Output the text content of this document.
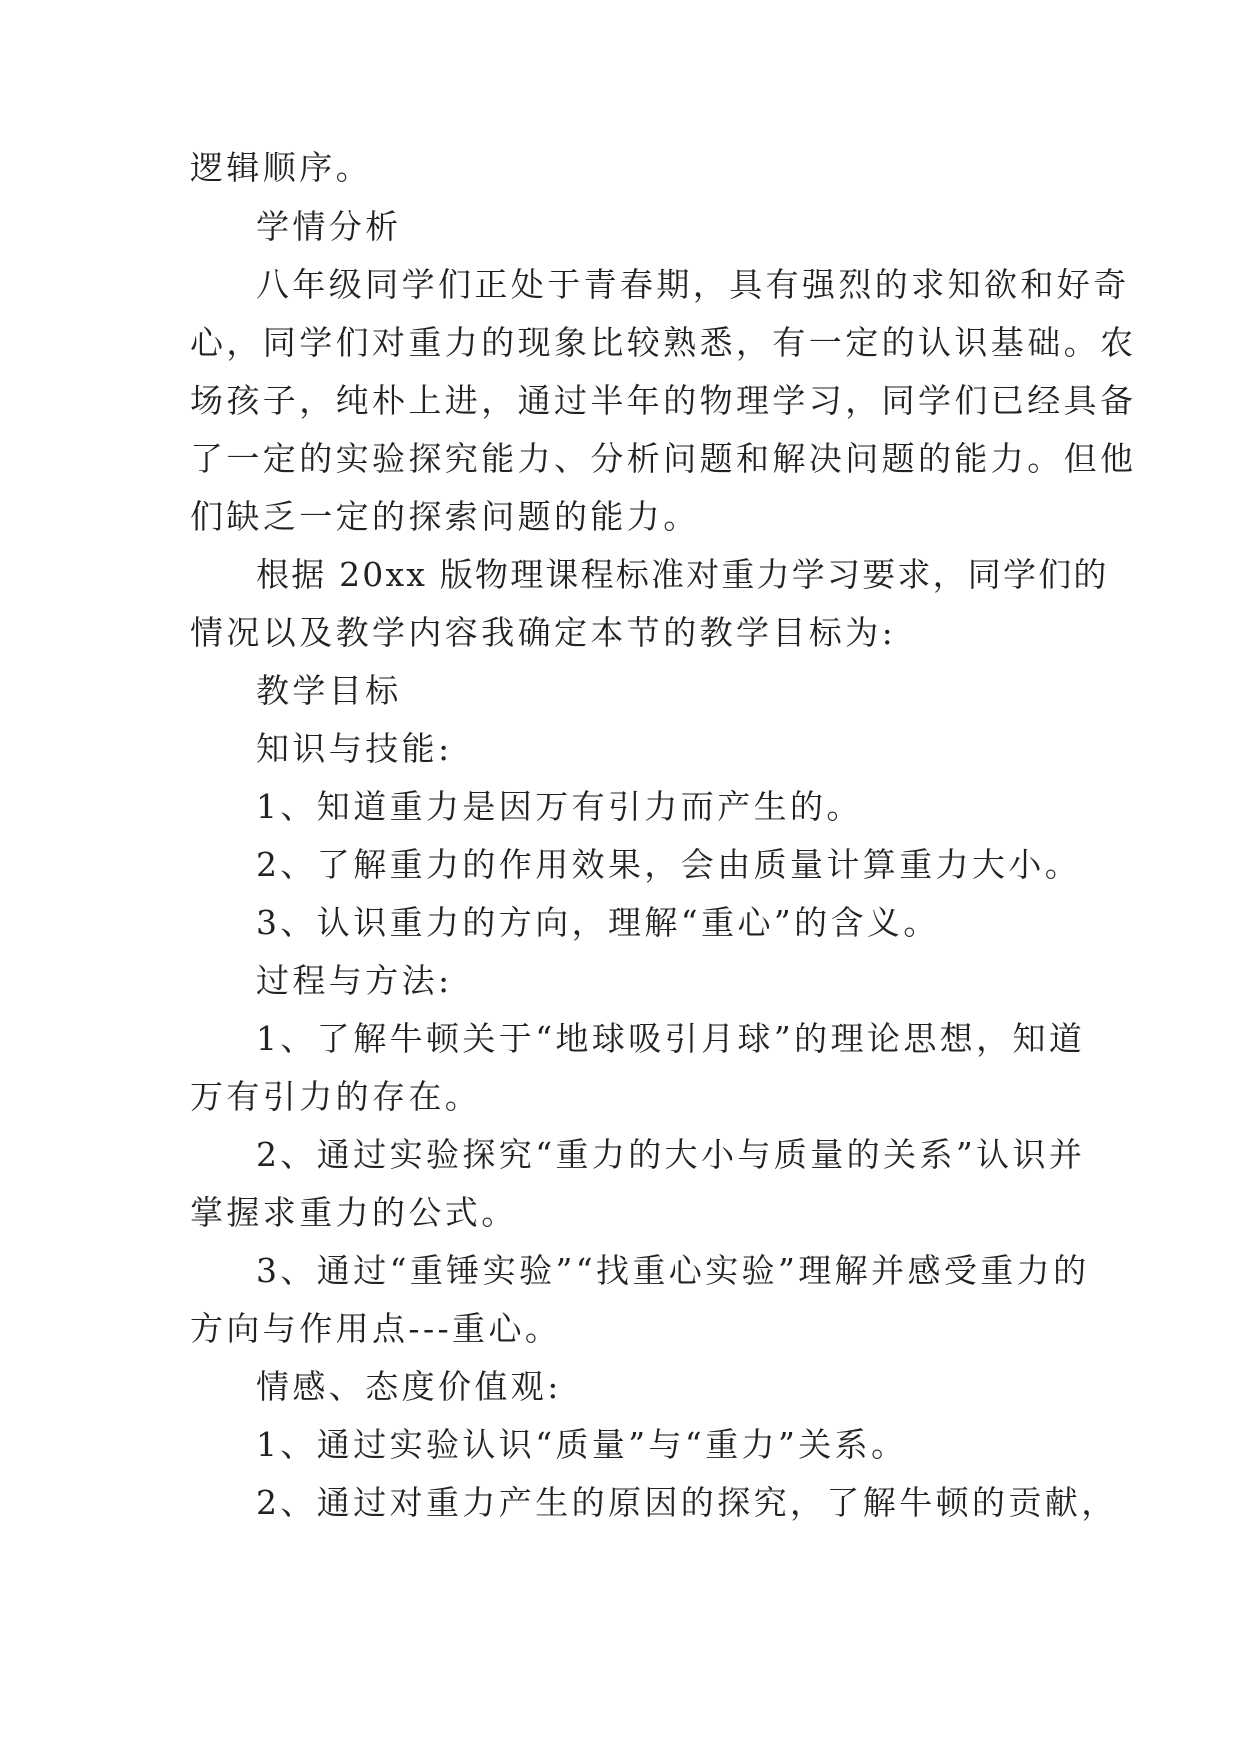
逻辑顺序。
学情分析
八年级同学们正处于青春期，具有强烈的求知欲和好奇
心，同学们对重力的现象比较熟悉，有一定的认识基础。农
场孩子，纯朴上进，通过半年的物理学习，同学们已经具备
了一定的实验探究能力、分析问题和解决问题的能力。但他
们缺乏一定的探索问题的能力。
根据 20xx 版物理课程标准对重力学习要求，同学们的
情况以及教学内容我确定本节的教学目标为:
教学目标
知识与技能:
1、知道重力是因万有引力而产生的。
2、了解重力的作用效果，会由质量计算重力大小。
3、认识重力的方向，理解“重心”的含义。
过程与方法:
1、了解牛顿关于“地球吸引月球”的理论思想，知道
万有引力的存在。
2、通过实验探究“重力的大小与质量的关系”认识并
掌握求重力的公式。
3、通过“重锤实验”“找重心实验”理解并感受重力的
方向与作用点---重心。
情感、态度价值观:
1、通过实验认识“质量”与“重力”关系。
2、通过对重力产生的原因的探究，了解牛顿的贡献，
